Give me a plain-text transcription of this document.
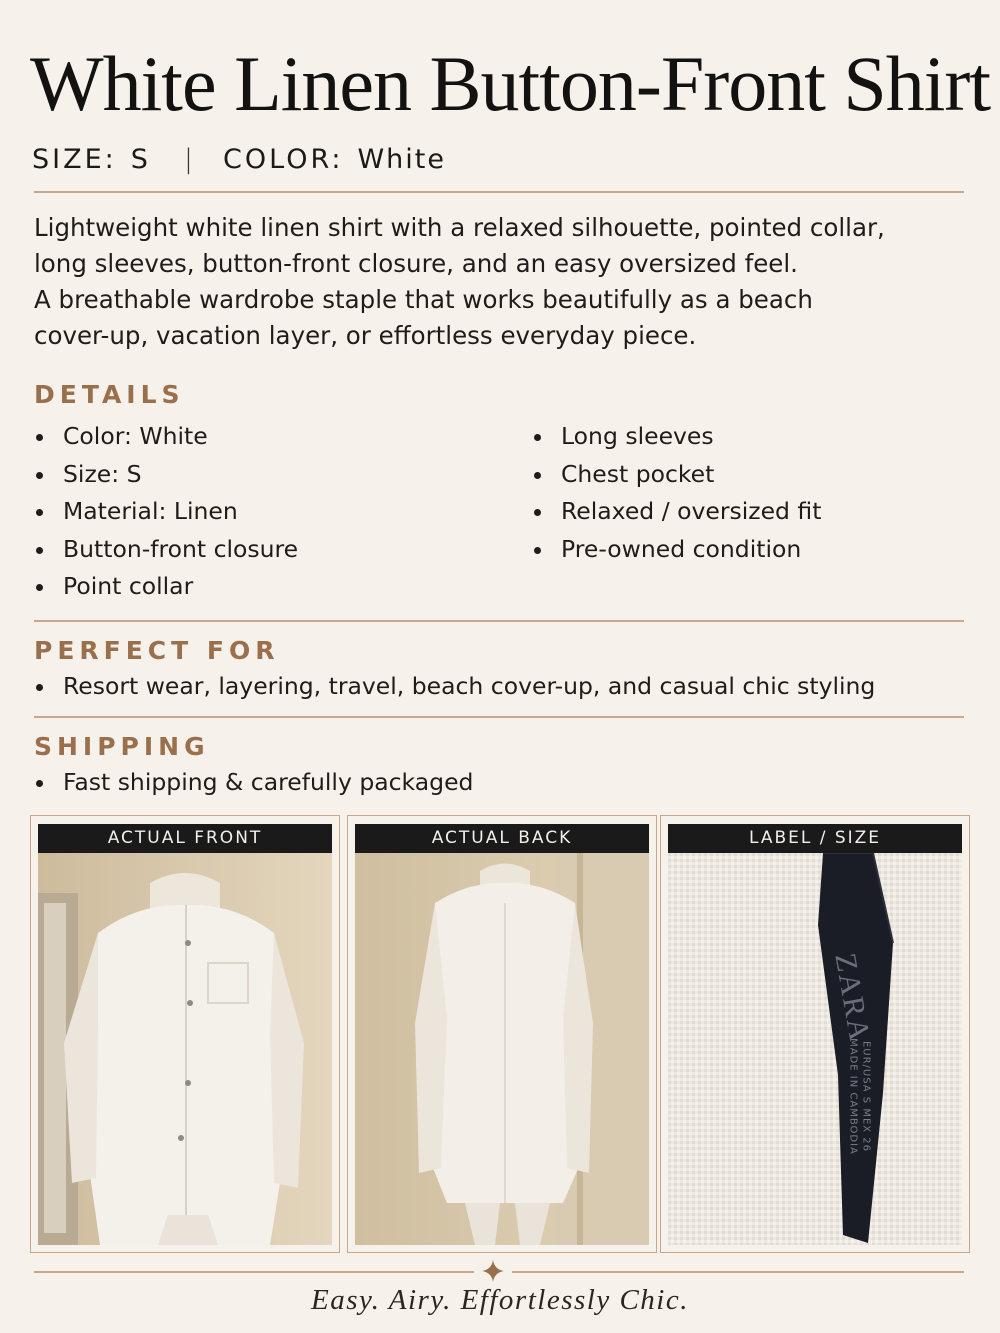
White Linen Button-Front Shirt
SIZE: S | COLOR: White
Lightweight white linen shirt with a relaxed silhouette, pointed collar,
long sleeves, button-front closure, and an easy oversized feel.
A breathable wardrobe staple that works beautifully as a beach
cover-up, vacation layer, or effortless everyday piece.
DETAILS
Color: White
Size: S
Material: Linen
Button-front closure
Point collar
Long sleeves
Chest pocket
Relaxed / oversized fit
Pre-owned condition
PERFECT FOR
Resort wear, layering, travel, beach cover-up, and casual chic styling
SHIPPING
Fast shipping & carefully packaged
ACTUAL FRONT	ACTUAL BACK	LABEL / SIZE
ZARA
EUR/USA S MEX 26
MADE IN CAMBODIA
Easy. Airy. Effortlessly Chic.
